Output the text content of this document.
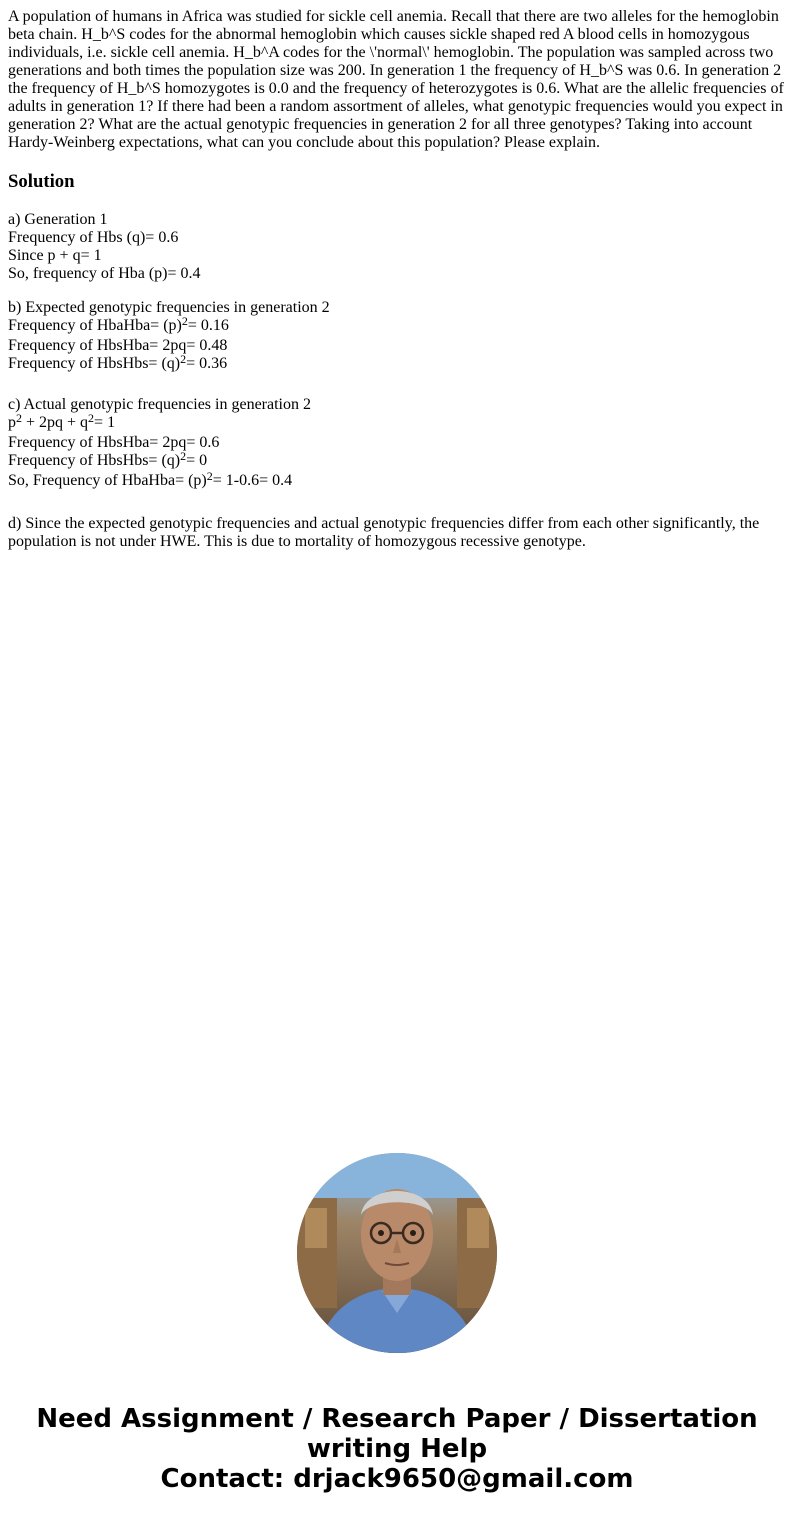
A population of humans in Africa was studied for sickle cell anemia. Recall that there are two alleles for the hemoglobin beta chain. H_b^S codes for the abnormal hemoglobin which causes sickle shaped red A blood cells in homozygous individuals, i.e. sickle cell anemia. H_b^A codes for the \'normal\' hemoglobin. The population was sampled across two generations and both times the population size was 200. In generation 1 the frequency of H_b^S was 0.6. In generation 2 the frequency of H_b^S homozygotes is 0.0 and the frequency of heterozygotes is 0.6. What are the allelic frequencies of adults in generation 1? If there had been a random assortment of alleles, what genotypic frequencies would you expect in generation 2? What are the actual genotypic frequencies in generation 2 for all three genotypes? Taking into account Hardy-Weinberg expectations, what can you conclude about this population? Please explain.

Solution
a) Generation 1
Frequency of Hbs (q)= 0.6
Since p + q= 1
So, frequency of Hba (p)= 0.4
b) Expected genotypic frequencies in generation 2
Frequency of HbaHba= $(p)^2= 0.16$
Frequency of HbsHba= 2pq= 0.48
Frequency of HbsHbs= $(q)^2= 0.36$
c) Actual genotypic frequencies in generation 2
$p^2 + 2pq + q^2= 1$
Frequency of HbsHba= 2pq= 0.6
Frequency of HbsHbs= $(q)^2= 0$
So, Frequency of HbaHba= $(p)^2= 1-0.6= 0.4$

d) Since the expected genotypic frequencies and actual genotypic frequencies differ from each other significantly, the population is not under HWE. This is due to mortality of homozygous recessive genotype.

Need Assignment / Research Paper / Dissertation
writing Help
Contact: drjack9650@gmail.com
